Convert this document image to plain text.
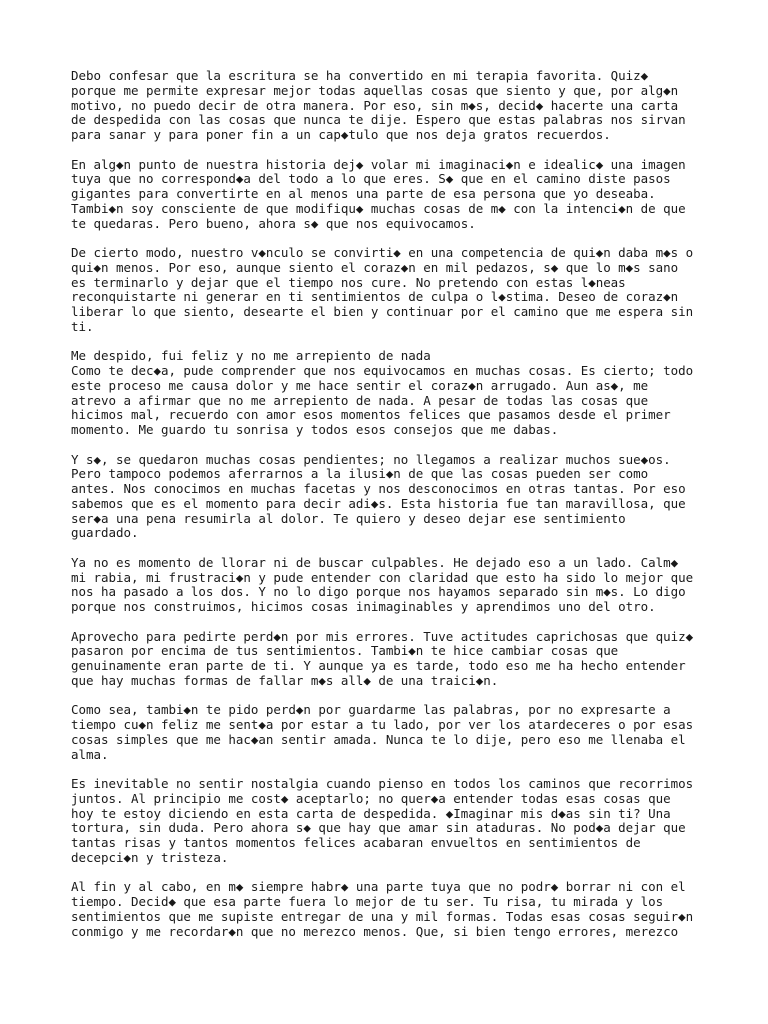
Debo confesar que la escritura se ha convertido en mi terapia favorita. Quiz◆
porque me permite expresar mejor todas aquellas cosas que siento y que, por alg◆n
motivo, no puedo decir de otra manera. Por eso, sin m◆s, decid◆ hacerte una carta
de despedida con las cosas que nunca te dije. Espero que estas palabras nos sirvan
para sanar y para poner fin a un cap◆tulo que nos deja gratos recuerdos.

En alg◆n punto de nuestra historia dej◆ volar mi imaginaci◆n e idealic◆ una imagen
tuya que no correspond◆a del todo a lo que eres. S◆ que en el camino diste pasos
gigantes para convertirte en al menos una parte de esa persona que yo deseaba.
Tambi◆n soy consciente de que modifiqu◆ muchas cosas de m◆ con la intenci◆n de que
te quedaras. Pero bueno, ahora s◆ que nos equivocamos.

De cierto modo, nuestro v◆nculo se convirti◆ en una competencia de qui◆n daba m◆s o
qui◆n menos. Por eso, aunque siento el coraz◆n en mil pedazos, s◆ que lo m◆s sano
es terminarlo y dejar que el tiempo nos cure. No pretendo con estas l◆neas
reconquistarte ni generar en ti sentimientos de culpa o l◆stima. Deseo de coraz◆n
liberar lo que siento, desearte el bien y continuar por el camino que me espera sin
ti.

Me despido, fui feliz y no me arrepiento de nada
Como te dec◆a, pude comprender que nos equivocamos en muchas cosas. Es cierto; todo
este proceso me causa dolor y me hace sentir el coraz◆n arrugado. Aun as◆, me
atrevo a afirmar que no me arrepiento de nada. A pesar de todas las cosas que
hicimos mal, recuerdo con amor esos momentos felices que pasamos desde el primer
momento. Me guardo tu sonrisa y todos esos consejos que me dabas.

Y s◆, se quedaron muchas cosas pendientes; no llegamos a realizar muchos sue◆os.
Pero tampoco podemos aferrarnos a la ilusi◆n de que las cosas pueden ser como
antes. Nos conocimos en muchas facetas y nos desconocimos en otras tantas. Por eso
sabemos que es el momento para decir adi◆s. Esta historia fue tan maravillosa, que
ser◆a una pena resumirla al dolor. Te quiero y deseo dejar ese sentimiento
guardado.

Ya no es momento de llorar ni de buscar culpables. He dejado eso a un lado. Calm◆
mi rabia, mi frustraci◆n y pude entender con claridad que esto ha sido lo mejor que
nos ha pasado a los dos. Y no lo digo porque nos hayamos separado sin m◆s. Lo digo
porque nos construimos, hicimos cosas inimaginables y aprendimos uno del otro.

Aprovecho para pedirte perd◆n por mis errores. Tuve actitudes caprichosas que quiz◆
pasaron por encima de tus sentimientos. Tambi◆n te hice cambiar cosas que
genuinamente eran parte de ti. Y aunque ya es tarde, todo eso me ha hecho entender
que hay muchas formas de fallar m◆s all◆ de una traici◆n.

Como sea, tambi◆n te pido perd◆n por guardarme las palabras, por no expresarte a
tiempo cu◆n feliz me sent◆a por estar a tu lado, por ver los atardeceres o por esas
cosas simples que me hac◆an sentir amada. Nunca te lo dije, pero eso me llenaba el
alma.

Es inevitable no sentir nostalgia cuando pienso en todos los caminos que recorrimos
juntos. Al principio me cost◆ aceptarlo; no quer◆a entender todas esas cosas que
hoy te estoy diciendo en esta carta de despedida. ◆Imaginar mis d◆as sin ti? Una
tortura, sin duda. Pero ahora s◆ que hay que amar sin ataduras. No pod◆a dejar que
tantas risas y tantos momentos felices acabaran envueltos en sentimientos de
decepci◆n y tristeza.

Al fin y al cabo, en m◆ siempre habr◆ una parte tuya que no podr◆ borrar ni con el
tiempo. Decid◆ que esa parte fuera lo mejor de tu ser. Tu risa, tu mirada y los
sentimientos que me supiste entregar de una y mil formas. Todas esas cosas seguir◆n
conmigo y me recordar◆n que no merezco menos. Que, si bien tengo errores, merezco
